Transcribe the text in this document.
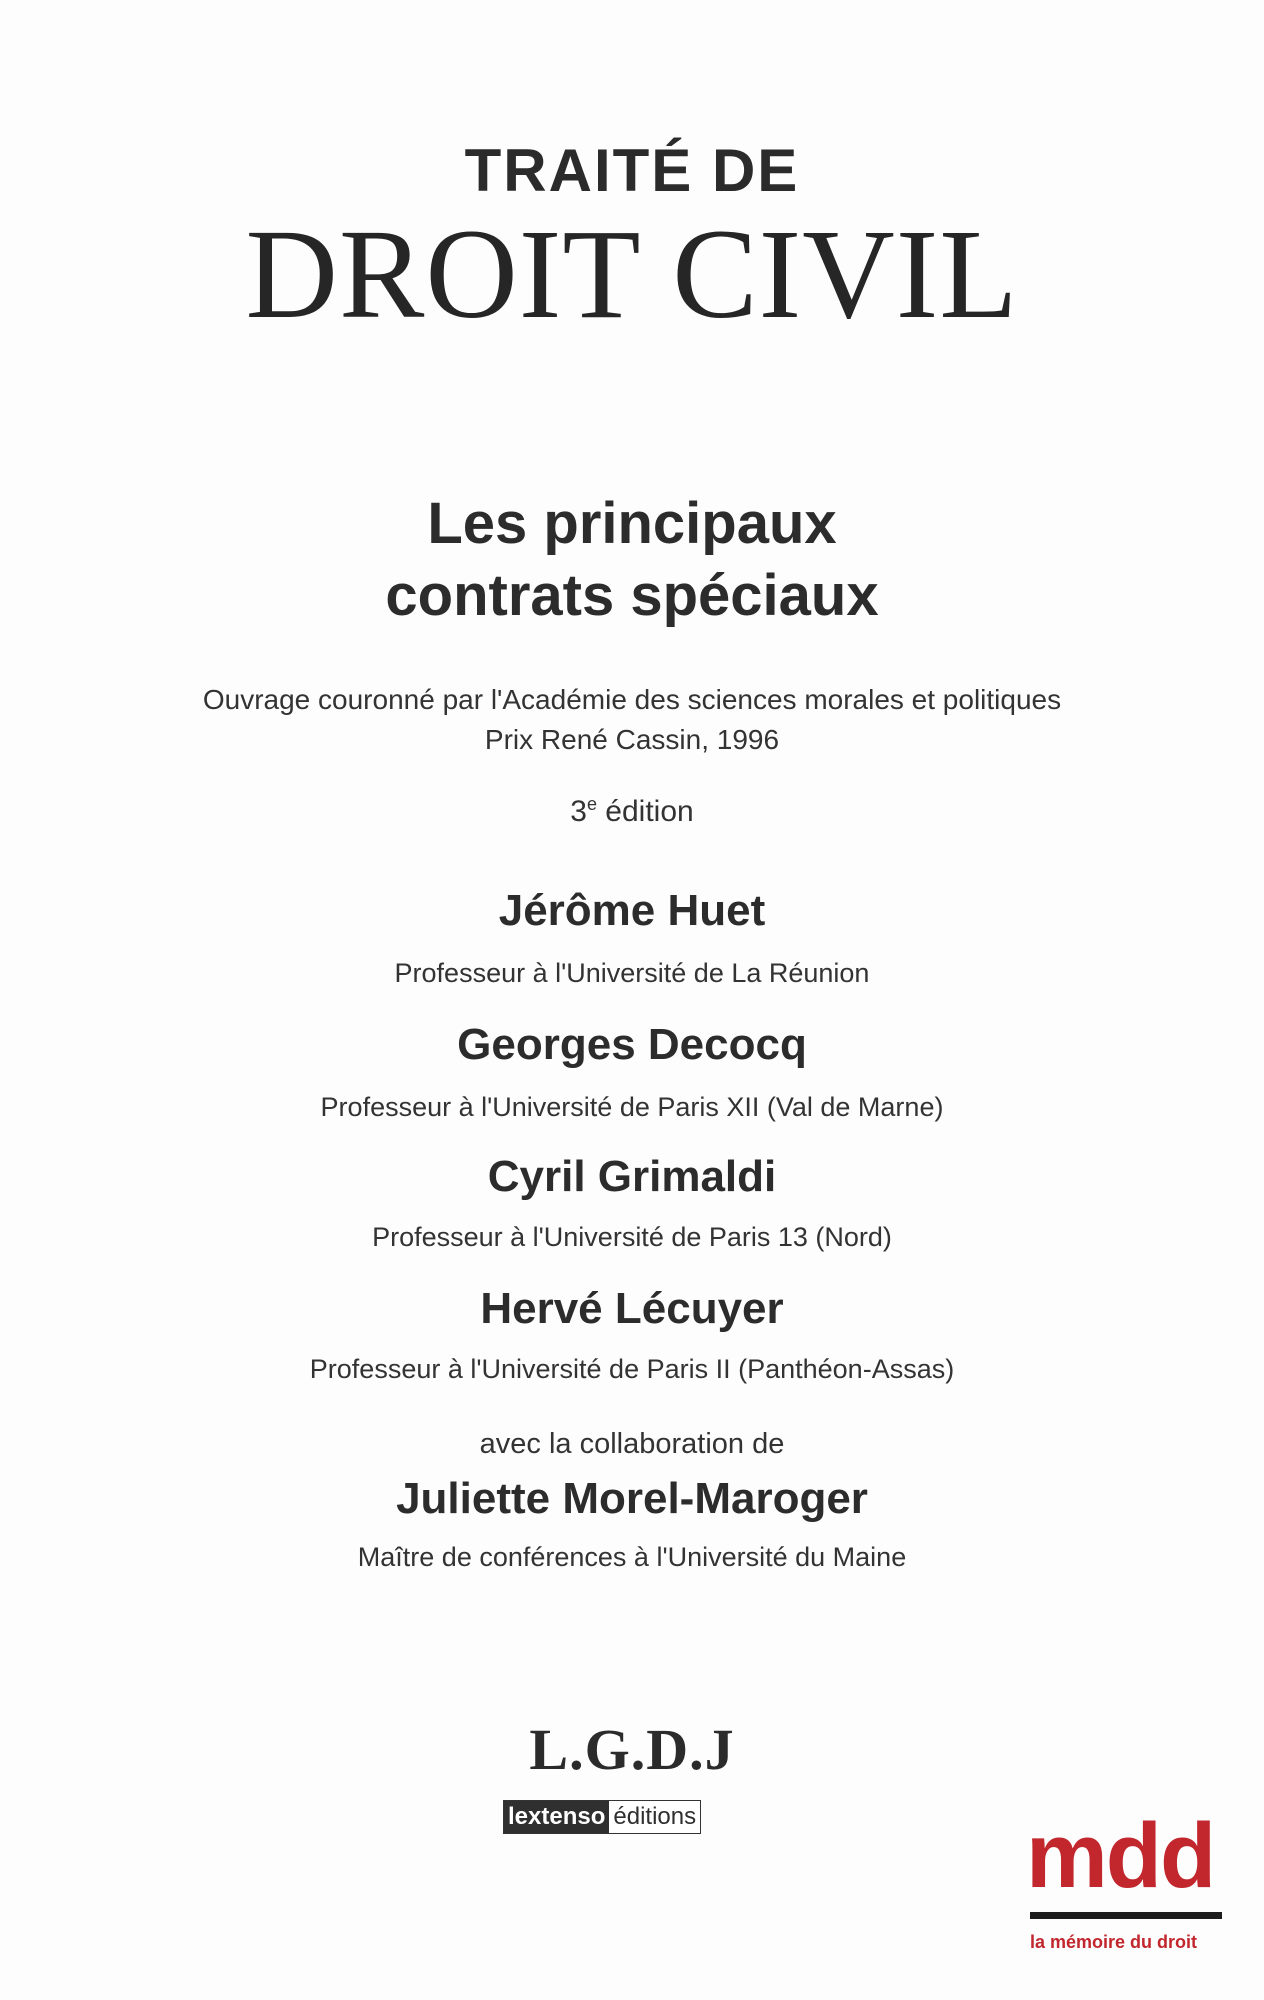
TRAITÉ DE
DROIT CIVIL
Les principaux
contrats spéciaux
Ouvrage couronné par l'Académie des sciences morales et politiques
Prix René Cassin, 1996
3e édition
Jérôme Huet
Professeur à l'Université de La Réunion
Georges Decocq
Professeur à l'Université de Paris XII (Val de Marne)
Cyril Grimaldi
Professeur à l'Université de Paris 13 (Nord)
Hervé Lécuyer
Professeur à l'Université de Paris II (Panthéon-Assas)
avec la collaboration de
Juliette Morel-Maroger
Maître de conférences à l'Université du Maine
L.G.D.J
lextenso éditions	mdd
la mémoire du droit
